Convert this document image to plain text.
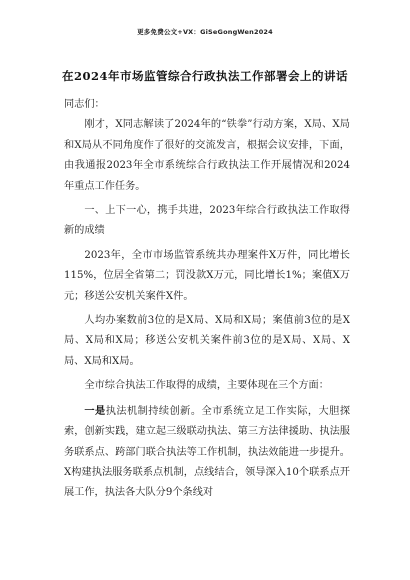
更多免费公文+VX：GiSeGongWen2024
在2024年市场监管综合行政执法工作部署会上的讲话

同志们：

刚才，X同志解读了2024年的“铁拳”行动方案，X局、X局和X局从不同角度作了很好的交流发言，根据会议安排，下面，由我通报2023年全市系统综合行政执法工作开展情况和2024年重点工作任务。

一、上下一心，携手共进，2023年综合行政执法工作取得新的成绩

2023年，全市市场监管系统共办理案件X万件，同比增长115%，位居全省第二；罚没款X万元，同比增长1%；案值X万元；移送公安机关案件X件。

人均办案数前3位的是X局、X局和X局；案值前3位的是X局、X局和X局；移送公安机关案件前3位的是X局、X局、X局、X局和X局。

全市综合执法工作取得的成绩，主要体现在三个方面：

一是执法机制持续创新。全市系统立足工作实际，大胆探索，创新实践，建立起三级联动执法、第三方法律援助、执法服务联系点、跨部门联合执法等工作机制，执法效能进一步提升。X构建执法服务联系点机制，点线结合，领导深入10个联系点开展工作，执法各大队分9个条线对
